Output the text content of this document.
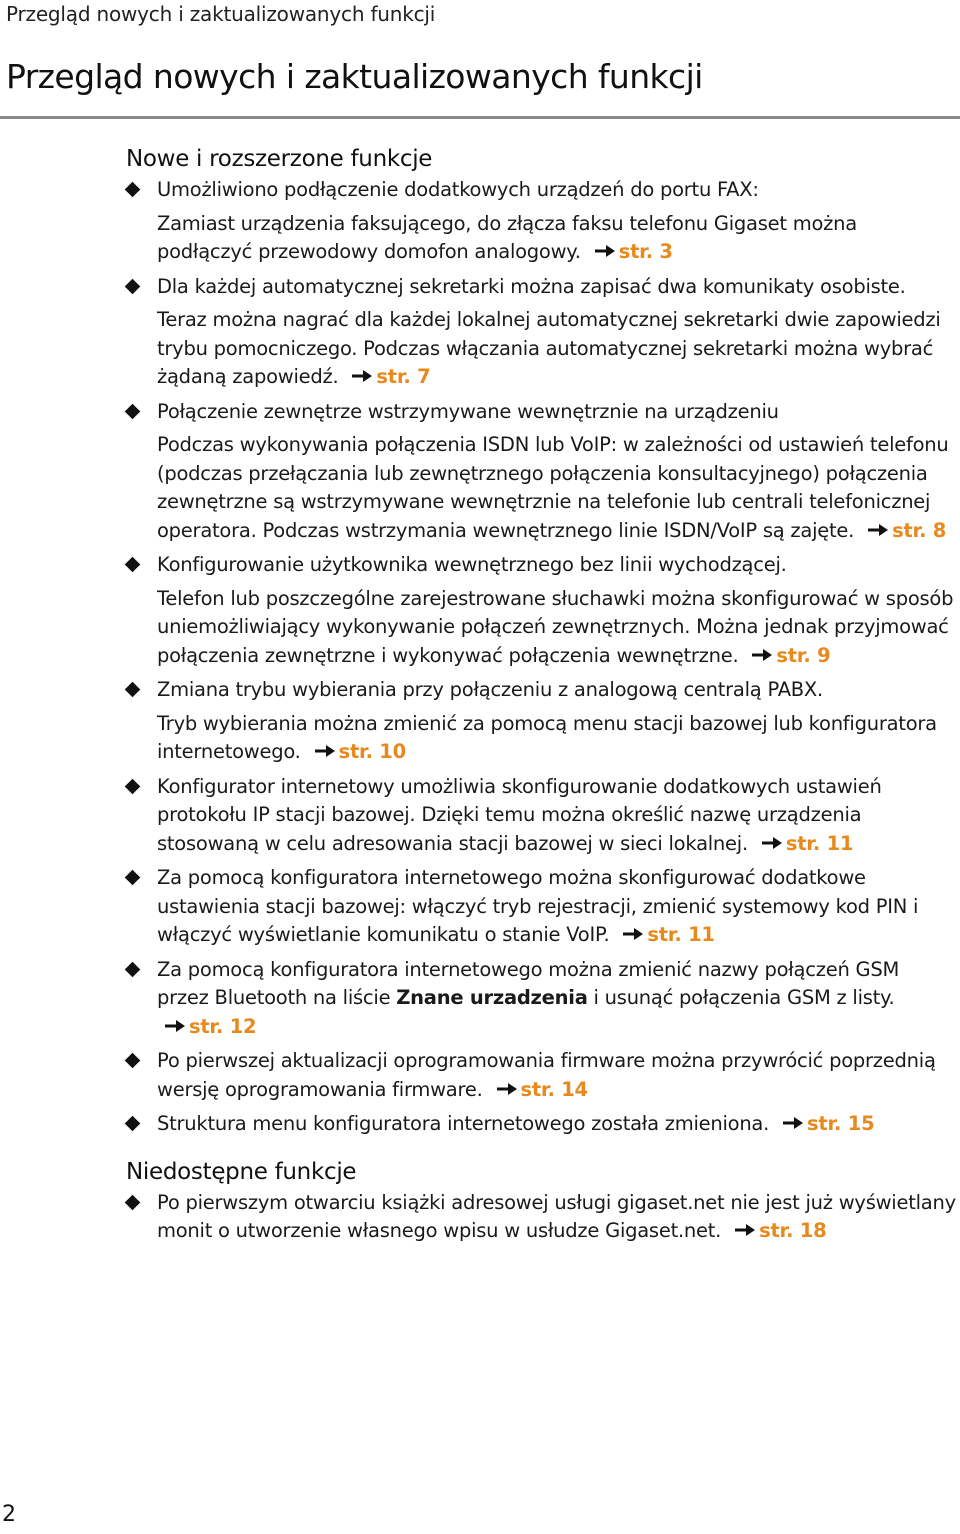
Przegląd nowych i zaktualizowanych funkcji
Przegląd nowych i zaktualizowanych funkcji
Nowe i rozszerzone funkcje
Umożliwiono podłączenie dodatkowych urządzeń do portu FAX:
Zamiast urządzenia faksującego, do złącza faksu telefonu Gigaset można podłączyć przewodowy domofon analogowy. str. 3
Dla każdej automatycznej sekretarki można zapisać dwa komunikaty osobiste.
Teraz można nagrać dla każdej lokalnej automatycznej sekretarki dwie zapowiedzi trybu pomocniczego. Podczas włączania automatycznej sekretarki można wybrać żądaną zapowiedź. str. 7
Połączenie zewnętrze wstrzymywane wewnętrznie na urządzeniu
Podczas wykonywania połączenia ISDN lub VoIP: w zależności od ustawień telefonu (podczas przełączania lub zewnętrznego połączenia konsultacyjnego) połączenia zewnętrzne są wstrzymywane wewnętrznie na telefonie lub centrali telefonicznej operatora. Podczas wstrzymania wewnętrznego linie ISDN/VoIP są zajęte. str. 8
Konfigurowanie użytkownika wewnętrznego bez linii wychodzącej.
Telefon lub poszczególne zarejestrowane słuchawki można skonfigurować w sposób uniemożliwiający wykonywanie połączeń zewnętrznych. Można jednak przyjmować połączenia zewnętrzne i wykonywać połączenia wewnętrzne. str. 9
Zmiana trybu wybierania przy połączeniu z analogową centralą PABX.
Tryb wybierania można zmienić za pomocą menu stacji bazowej lub konfiguratora internetowego. str. 10
Konfigurator internetowy umożliwia skonfigurowanie dodatkowych ustawień protokołu IP stacji bazowej. Dzięki temu można określić nazwę urządzenia stosowaną w celu adresowania stacji bazowej w sieci lokalnej. str. 11
Za pomocą konfiguratora internetowego można skonfigurować dodatkowe ustawienia stacji bazowej: włączyć tryb rejestracji, zmienić systemowy kod PIN i włączyć wyświetlanie komunikatu o stanie VoIP. str. 11
Za pomocą konfiguratora internetowego można zmienić nazwy połączeń GSM przez Bluetooth na liście Znane urzadzenia i usunąć połączenia GSM z listy. str. 12
Po pierwszej aktualizacji oprogramowania firmware można przywrócić poprzednią wersję oprogramowania firmware. str. 14
Struktura menu konfiguratora internetowego została zmieniona. str. 15
Niedostępne funkcje
Po pierwszym otwarciu książki adresowej usługi gigaset.net nie jest już wyświetlany monit o utworzenie własnego wpisu w usłudze Gigaset.net. str. 18
2
